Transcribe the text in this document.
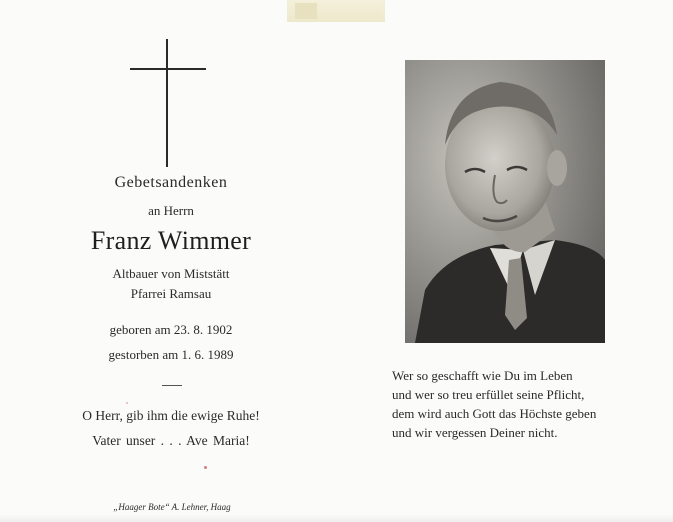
Gebetsandenken
an Herrn
Franz Wimmer
Altbauer von Miststätt
Pfarrei Ramsau
geboren am 23. 8. 1902
gestorben am 1. 6. 1989
O Herr, gib ihm die ewige Ruhe!
Vater unser . . . Ave Maria!
„Haager Bote“ A. Lehner, Haag
Wer so geschafft wie Du im Leben
und wer so treu erfüllet seine Pflicht,
dem wird auch Gott das Höchste geben
und wir vergessen Deiner nicht.
